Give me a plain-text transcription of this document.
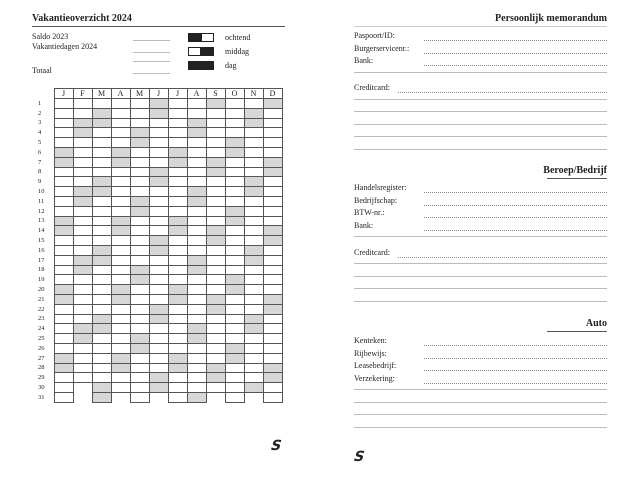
Vakantieoverzicht 2024
Saldo 2023
Vakantiedagen 2024
Totaal
ochtend
middag
dag
	J	F	M	A	M	J	J	A	S	O	N	D
1												
2												
3												
4												
5												
6												
7												
8												
9												
10												
11												
12												
13												
14												
15												
16												
17												
18												
19												
20												
21												
22												
23												
24												
25												
26												
27												
28												
29												
30												
31												
S
Persoonlijk memorandum
Paspoort/ID:
Burgerservicenr.:
Bank:
Creditcard:
Beroep/Bedrijf
Handelsregister:
Bedrijfschap:
BTW-nr.:
Bank:
Creditcard:
Auto
Kenteken:
Rijbewijs:
Leasebedrijf:
Verzekering:
S
